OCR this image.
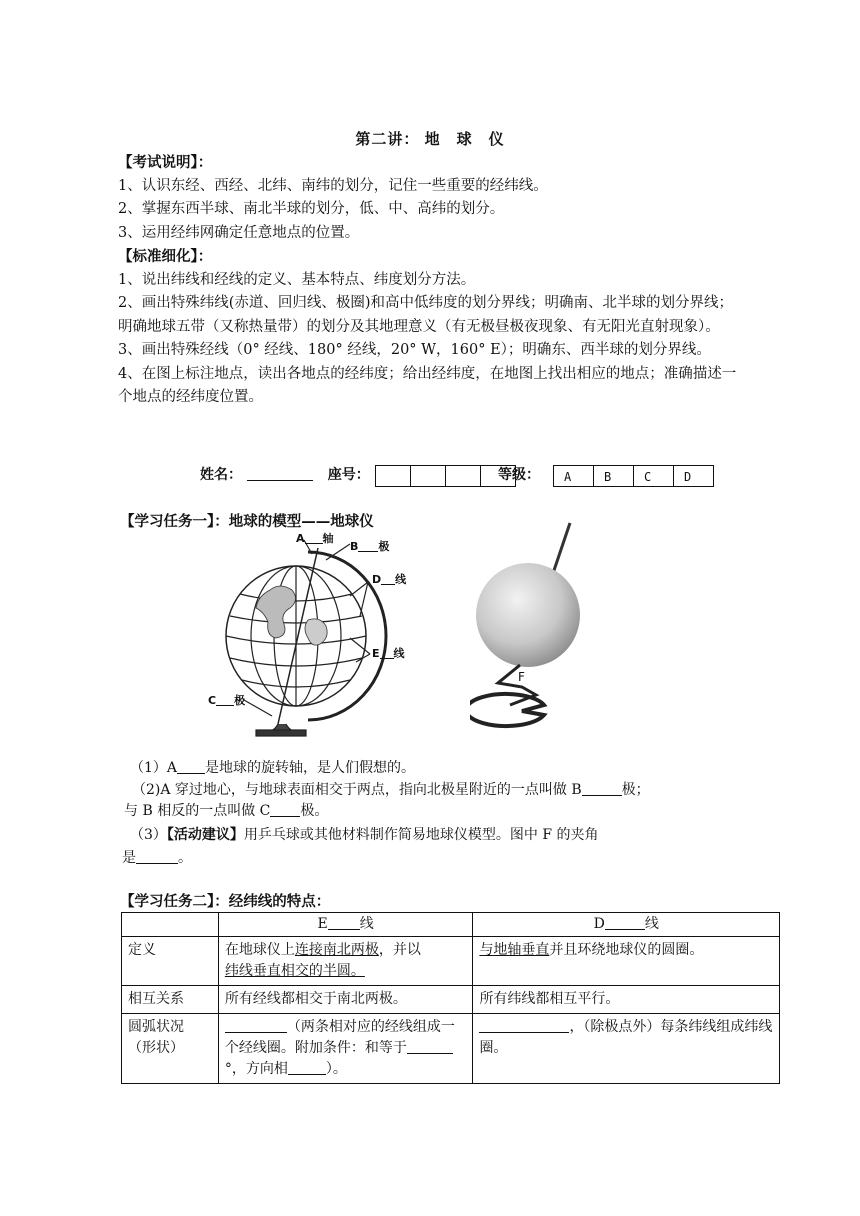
第二讲： 地　球　仪
【考试说明】：
1、认识东经、西经、北纬、南纬的划分，记住一些重要的经纬线。
2、掌握东西半球、南北半球的划分，低、中、高纬的划分。
3、运用经纬网确定任意地点的位置。
【标准细化】：
1、说出纬线和经线的定义、基本特点、纬度划分方法。
2、画出特殊纬线(赤道、回归线、极圈)和高中低纬度的划分界线；明确南、北半球的划分界线；明确地球五带（又称热量带）的划分及其地理意义（有无极昼极夜现象、有无阳光直射现象）。
3、画出特殊经线（0° 经线、180° 经线，20° W，160° E）；明确东、西半球的划分界线。
4、在图上标注地点，读出各地点的经纬度；给出经纬度，在地图上找出相应的地点；准确描述一个地点的经纬度位置。
姓名：	座号：	等级：	A	B	C	D
【学习任务一】：地球的模型——地球仪
A 轴
B 极
D 线
E 线
C 极
F
（1）A 是地球的旋转轴，是人们假想的。
（2)A 穿过地心，与地球表面相交于两点，指向北极星附近的一点叫做 B	极；
与 B 相反的一点叫做 C 极。
（3）【活动建议】用乒乓球或其他材料制作简易地球仪模型。图中 F 的夹角
是	。
【学习任务二】：经纬线的特点：
	E 线	D 线
定义	在地球仪上连接南北两极，并以
纬线垂直相交的半圆。	与地轴垂直并且环绕地球仪的圆圈。
相互关系	所有经线都相交于南北两极。	所有纬线都相互平行。
圆弧状况（形状）	（两条相对应的经线组成一个经线圈。附加条件：和等于°，方向相 ）。	，（除极点外）每条纬线组成纬线圈。
